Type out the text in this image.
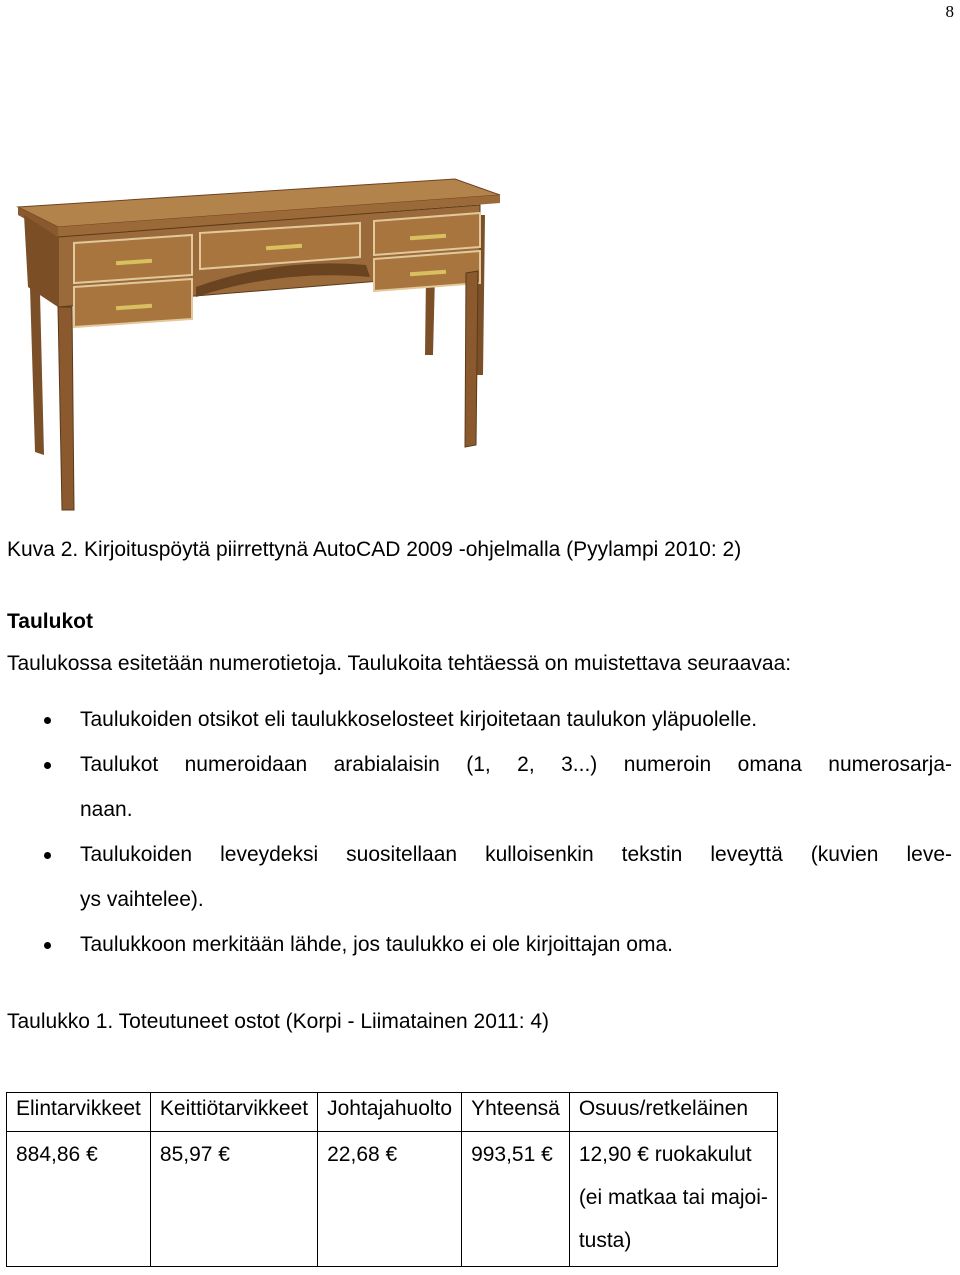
8
Kuva 2. Kirjoituspöytä piirrettynä AutoCAD 2009 -ohjelmalla (Pyylampi 2010: 2)
Taulukot
Taulukossa esitetään numerotietoja. Taulukoita tehtäessä on muistettava seuraavaa:
Taulukoiden otsikot eli taulukkoselosteet kirjoitetaan taulukon yläpuolelle.
Taulukot numeroidaan arabialaisin (1, 2, 3...) numeroin omana numerosarja-
naan.
Taulukoiden leveydeksi suositellaan kulloisenkin tekstin leveyttä (kuvien leve-
ys vaihtelee).
Taulukkoon merkitään lähde, jos taulukko ei ole kirjoittajan oma.
Taulukko 1. Toteutuneet ostot (Korpi - Liimatainen 2011: 4)
Elintarvikkeet	Keittiötarvikkeet	Johtajahuolto	Yhteensä	Osuus/retkeläinen
884,86 €	85,97 €	22,68 €	993,51 €	12,90 € ruokakulut
(ei matkaa tai majoi-
tusta)
